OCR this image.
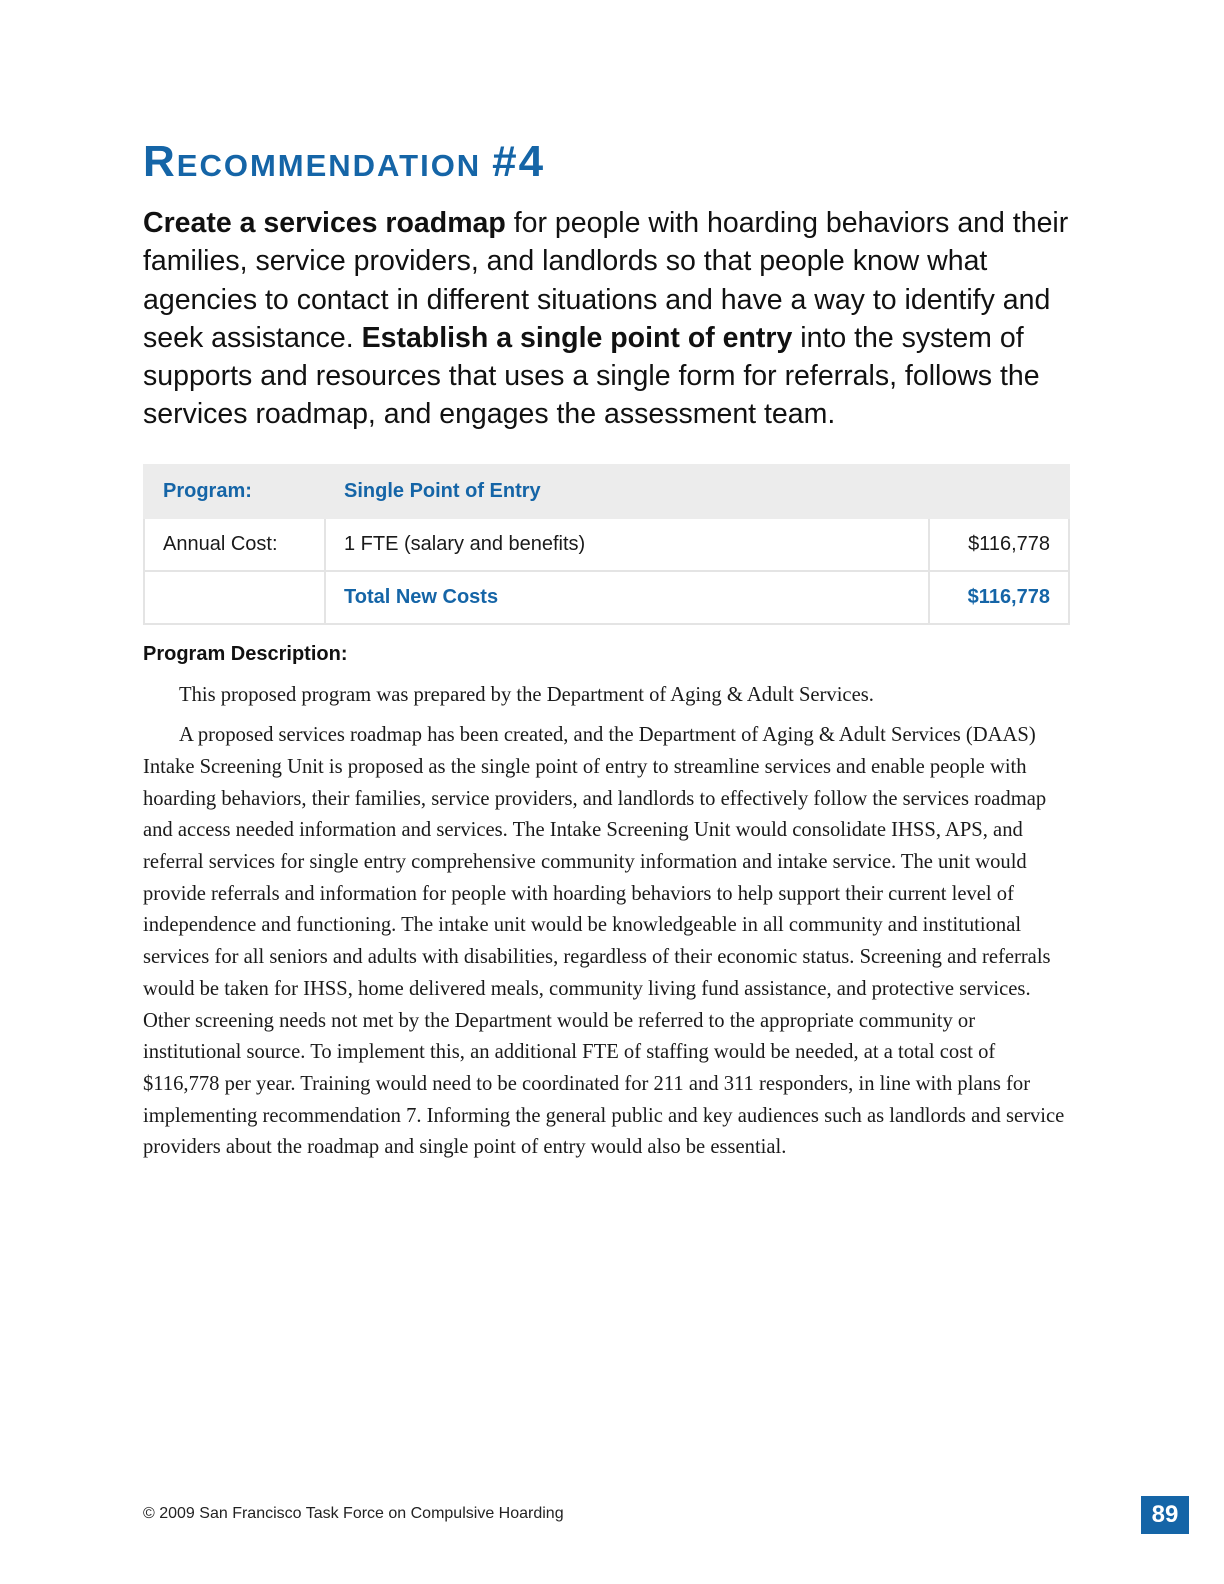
RECOMMENDATION #4
Create a services roadmap for people with hoarding behaviors and their families, service providers, and landlords so that people know what agencies to contact in different situations and have a way to identify and seek assistance. Establish a single point of entry into the system of supports and resources that uses a single form for referrals, follows the services roadmap, and engages the assessment team.
Program:	Single Point of Entry	
Annual Cost:	1 FTE (salary and benefits)	$116,778
	Total New Costs	$116,778
Program Description:

This proposed program was prepared by the Department of Aging & Adult Services.

A proposed services roadmap has been created, and the Department of Aging & Adult Services (DAAS) Intake Screening Unit is proposed as the single point of entry to streamline services and enable people with hoarding behaviors, their families, service providers, and landlords to effectively follow the services roadmap and access needed information and services. The Intake Screening Unit would consolidate IHSS, APS, and referral services for single entry comprehensive community information and intake service. The unit would provide referrals and information for people with hoarding behaviors to help support their current level of independence and functioning. The intake unit would be knowledgeable in all community and institutional services for all seniors and adults with disabilities, regardless of their economic status. Screening and referrals would be taken for IHSS, home delivered meals, community living fund assistance, and protective services. Other screening needs not met by the Department would be referred to the appropriate community or institutional source. To implement this, an additional FTE of staffing would be needed, at a total cost of $116,778 per year. Training would need to be coordinated for 211 and 311 responders, in line with plans for implementing recommendation 7. Informing the general public and key audiences such as landlords and service providers about the roadmap and single point of entry would also be essential.

© 2009 San Francisco Task Force on Compulsive Hoarding	89
